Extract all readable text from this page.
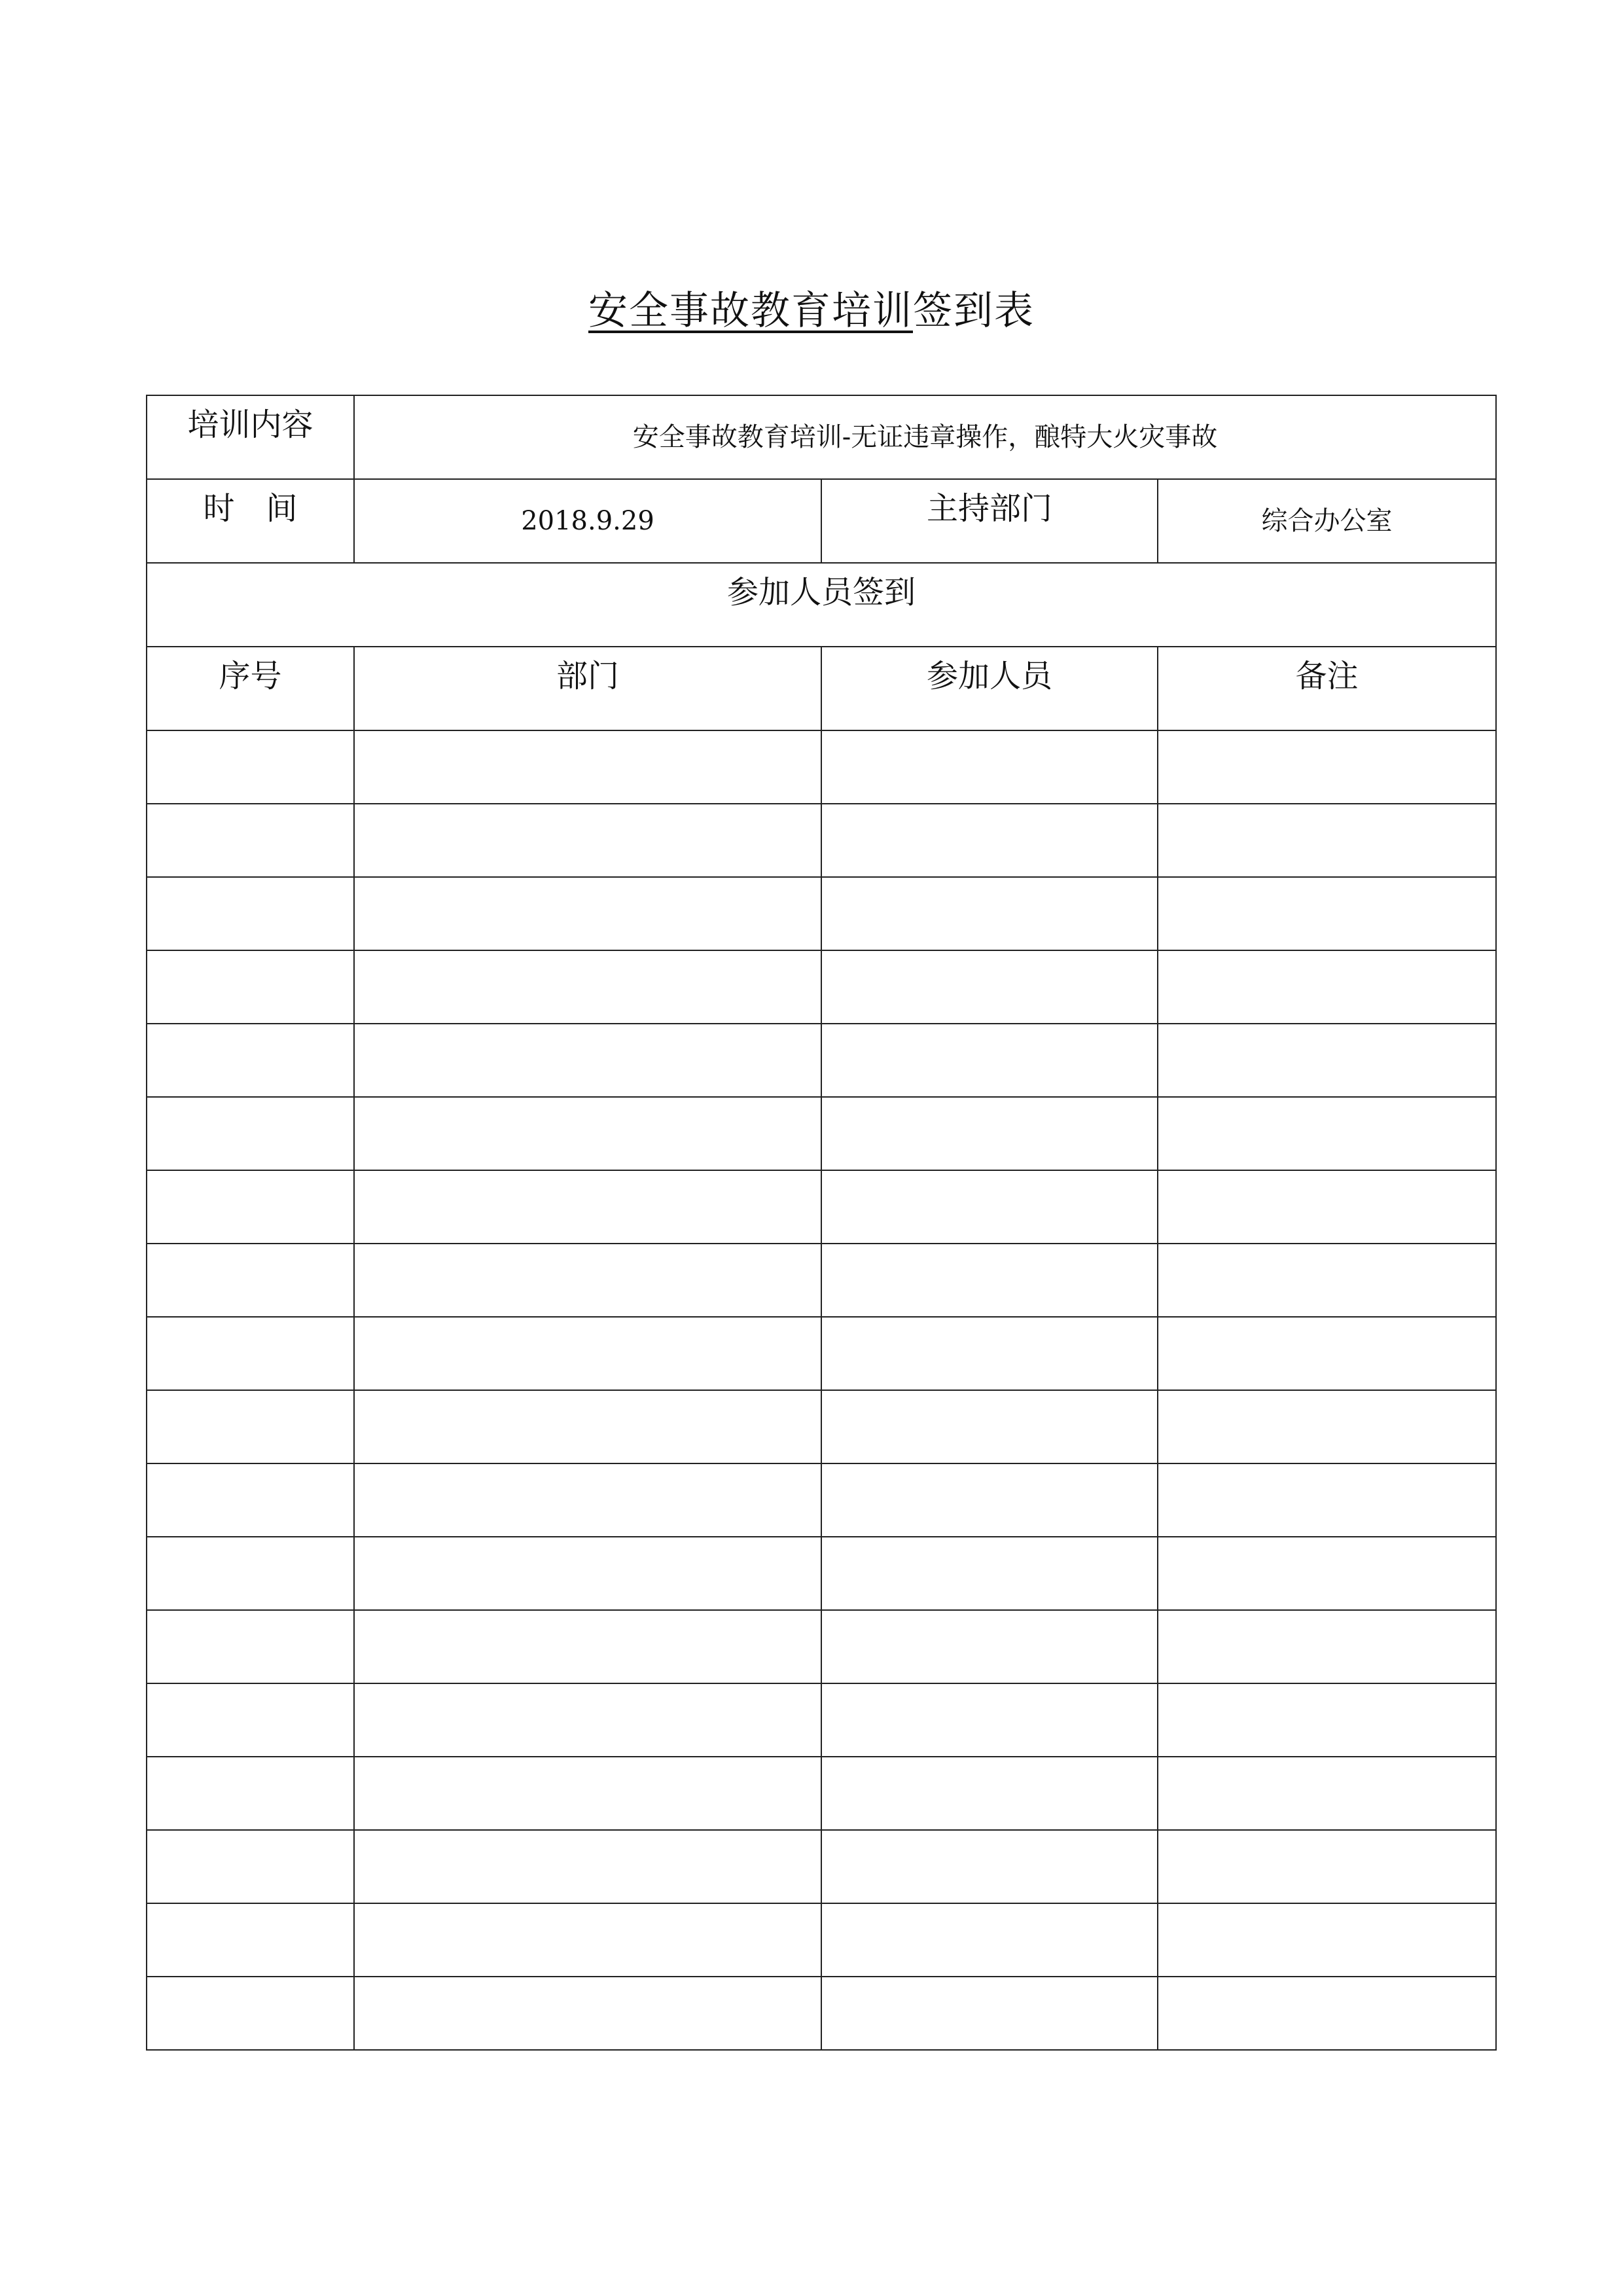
安全事故教育培训签到表
培训内容	安全事故教育培训-无证违章操作，酿特大火灾事故		
时　间	2018.9.29	主持部门	综合办公室
参加人员签到			
序号	部门	参加人员	备注
